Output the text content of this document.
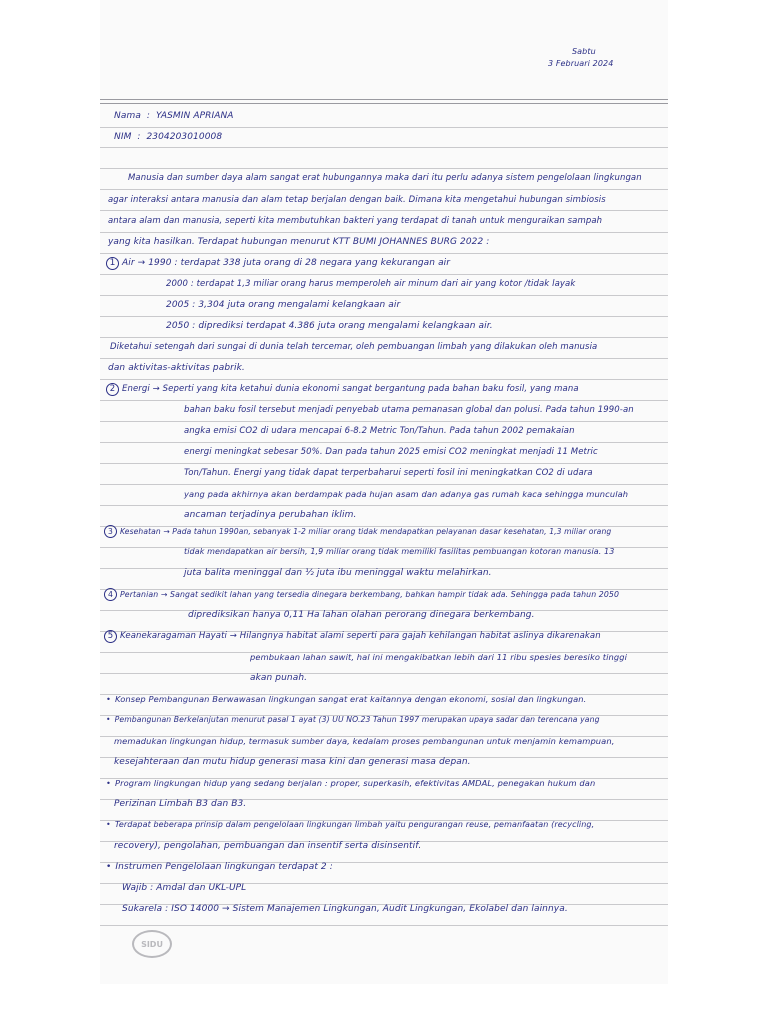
Sabtu
3 Februari 2024
Nama  :  YASMIN APRIANA
NIM  :  2304203010008
Manusia dan sumber daya alam sangat erat hubungannya maka dari itu perlu adanya sistem pengelolaan lingkungan
agar interaksi antara manusia dan alam tetap berjalan dengan baik. Dimana kita mengetahui hubungan simbiosis
antara alam dan manusia, seperti kita membutuhkan bakteri yang terdapat di tanah untuk menguraikan sampah
yang kita hasilkan. Terdapat hubungan menurut KTT BUMI JOHANNES BURG 2022 :
1 Air → 1990 : terdapat 338 juta orang di 28 negara yang kekurangan air
2000 : terdapat 1,3 miliar orang harus memperoleh air minum dari air yang kotor /tidak layak
2005 : 3,304 juta orang mengalami kelangkaan air
2050 : diprediksi terdapat 4.386 juta orang mengalami kelangkaan air.
Diketahui setengah dari sungai di dunia telah tercemar, oleh pembuangan limbah yang dilakukan oleh manusia
dan aktivitas-aktivitas pabrik.
2 Energi → Seperti yang kita ketahui dunia ekonomi sangat bergantung pada bahan baku fosil, yang mana
bahan baku fosil tersebut menjadi penyebab utama pemanasan global dan polusi. Pada tahun 1990-an
angka emisi CO2 di udara mencapai 6-8.2 Metric Ton/Tahun. Pada tahun 2002 pemakaian
energi meningkat sebesar 50%. Dan pada tahun 2025 emisi CO2 meningkat menjadi 11 Metric
Ton/Tahun. Energi yang tidak dapat terperbaharui seperti fosil ini meningkatkan CO2 di udara
yang pada akhirnya akan berdampak pada hujan asam dan adanya gas rumah kaca sehingga munculah
ancaman terjadinya perubahan iklim.
3 Kesehatan → Pada tahun 1990an, sebanyak 1-2 miliar orang tidak mendapatkan pelayanan dasar kesehatan, 1,3 miliar orang
tidak mendapatkan air bersih, 1,9 miliar orang tidak memiliki fasilitas pembuangan kotoran manusia. 13
juta balita meninggal dan ½ juta ibu meninggal waktu melahirkan.
4 Pertanian → Sangat sedikit lahan yang tersedia dinegara berkembang, bahkan hampir tidak ada. Sehingga pada tahun 2050
diprediksikan hanya 0,11 Ha lahan olahan perorang dinegara berkembang.
5 Keanekaragaman Hayati → Hilangnya habitat alami seperti para gajah kehilangan habitat aslinya dikarenakan
pembukaan lahan sawit, hal ini mengakibatkan lebih dari 11 ribu spesies beresiko tinggi
akan punah.
• Konsep Pembangunan Berwawasan lingkungan sangat erat kaitannya dengan ekonomi, sosial dan lingkungan.
• Pembangunan Berkelanjutan menurut pasal 1 ayat (3) UU NO.23 Tahun 1997 merupakan upaya sadar dan terencana yang
memadukan lingkungan hidup, termasuk sumber daya, kedalam proses pembangunan untuk menjamin kemampuan,
kesejahteraan dan mutu hidup generasi masa kini dan generasi masa depan.
• Program lingkungan hidup yang sedang berjalan : proper, superkasih, efektivitas AMDAL, penegakan hukum dan
Perizinan Limbah B3 dan B3.
• Terdapat beberapa prinsip dalam pengelolaan lingkungan limbah yaitu pengurangan reuse, pemanfaatan (recycling,
recovery), pengolahan, pembuangan dan insentif serta disinsentif.
• Instrumen Pengelolaan lingkungan terdapat 2 :
Wajib : Amdal dan UKL-UPL
Sukarela : ISO 14000 → Sistem Manajemen Lingkungan, Audit Lingkungan, Ekolabel dan lainnya.
SIDU
